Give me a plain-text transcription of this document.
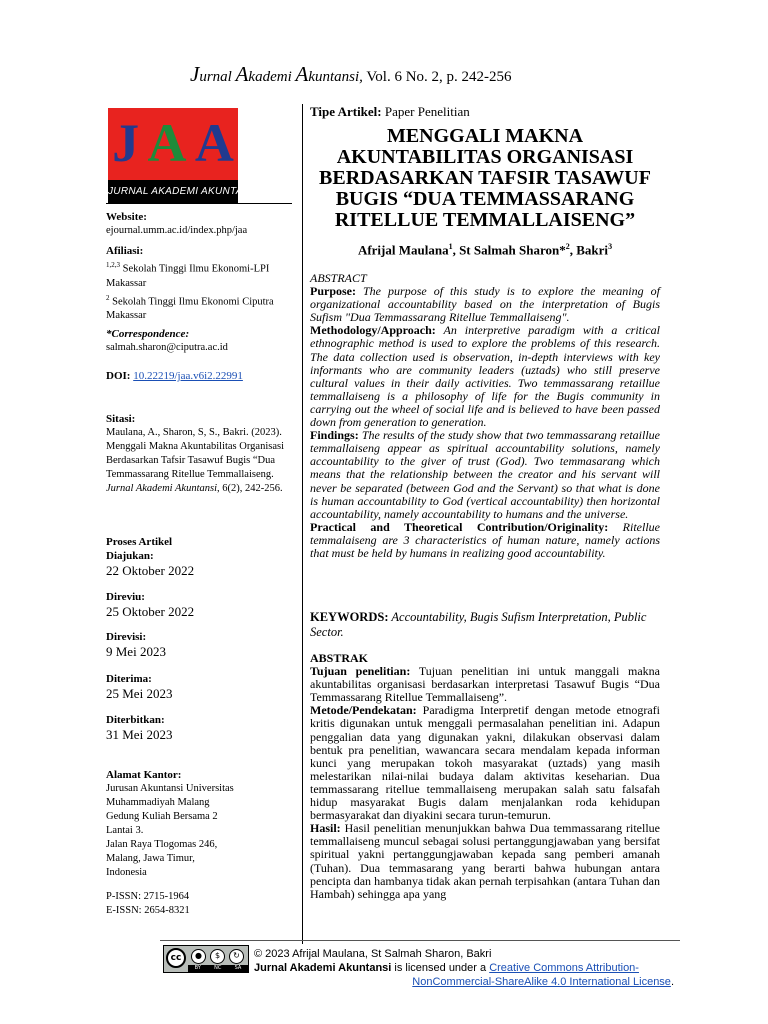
Jurnal Akademi Akuntansi, Vol. 6 No. 2, p. 242-256
J A A
JURNAL AKADEMI AKUNTANSI
Website:
ejournal.umm.ac.id/index.php/jaa
Afiliasi:
$^{1,2,3}$ Sekolah Tinggi Ilmu Ekonomi-LPI Makassar
$^2$ Sekolah Tinggi Ilmu Ekonomi Ciputra Makassar
*Correspondence:
salmah.sharon@ciputra.ac.id
DOI: 10.22219/jaa.v6i2.22991
Sitasi:
Maulana, A., Sharon, S, S., Bakri. (2023). Menggali Makna Akuntabilitas Organisasi Berdasarkan Tafsir Tasawuf Bugis “Dua Temmassarang Ritellue Temmallaiseng. Jurnal Akademi Akuntansi, 6(2), 242-256.
Proses Artikel
Diajukan:
22 Oktober 2022
Direviu:
25 Oktober 2022
Direvisi:
9 Mei 2023
Diterima:
25 Mei 2023
Diterbitkan:
31 Mei 2023
Alamat Kantor:
Jurusan Akuntansi Universitas
Muhammadiyah Malang
Gedung Kuliah Bersama 2
Lantai 3.
Jalan Raya Tlogomas 246,
Malang, Jawa Timur,
Indonesia
P-ISSN: 2715-1964
E-ISSN: 2654-8321
Tipe Artikel: Paper Penelitian
MENGGALI MAKNA
AKUNTABILITAS ORGANISASI
BERDASARKAN TAFSIR TASAWUF
BUGIS “DUA TEMMASSARANG
RITELLUE TEMMALLAISENG”
Afrijal Maulana$^1$, St Salmah Sharon*$^2$, Bakri$^3$

ABSTRACT

Purpose: The purpose of this study is to explore the meaning of organizational accountability based on the interpretation of Bugis Sufism "Dua Temmassarang Ritellue Temmallaiseng".

Methodology/Approach: An interpretive paradigm with a critical ethnographic method is used to explore the problems of this research. The data collection used is observation, in-depth interviews with key informants who are community leaders (uztads) who still preserve cultural values in their daily activities. Two temmassarang retaillue temmallaiseng is a philosophy of life for the Bugis community in carrying out the wheel of social life and is believed to have been passed down from generation to generation.

Findings: The results of the study show that two temmassarang retaillue temmallaiseng appear as spiritual accountability solutions, namely accountability to the giver of trust (God). Two temmasarang which means that the relationship between the creator and his servant will never be separated (between God and the Servant) so that what is done is human accountability to God (vertical accountability) then horizontal accountability, namely accountability to humans and the universe.

Practical and Theoretical Contribution/Originality: Ritellue temmalaiseng are 3 characteristics of human nature, namely actions that must be held by humans in realizing good accountability.

KEYWORDS: Accountability, Bugis Sufism Interpretation, Public Sector.

ABSTRAK

Tujuan penelitian: Tujuan penelitian ini untuk manggali makna akuntabilitas organisasi berdasarkan interpretasi Tasawuf Bugis “Dua Temmassarang Ritellue Temmallaiseng”.

Metode/Pendekatan: Paradigma Interpretif dengan metode etnografi kritis digunakan untuk menggali permasalahan penelitian ini. Adapun penggalian data yang digunakan yakni, dilakukan observasi dalam bentuk pra penelitian, wawancara secara mendalam kepada informan kunci yang merupakan tokoh masyarakat (uztads) yang masih melestarikan nilai-nilai budaya dalam aktivitas keseharian. Dua temmassarang ritellue temmallaiseng merupakan salah satu falsafah hidup masyarakat Bugis dalam menjalankan roda kehidupan bermasyarakat dan diyakini secara turun-temurun.

Hasil: Hasil penelitian menunjukkan bahwa Dua temmassarang ritellue temmallaiseng muncul sebagai solusi pertanggungjawaban yang bersifat spiritual yakni pertanggungjawaban kepada sang pemberi amanah (Tuhan). Dua temmasarang yang berarti bahwa hubungan antara pencipta dan hambanya tidak akan pernah terpisahkan (antara Tuhan dan Hambah) sehingga apa yang

cc	●	$	↻
BY	NC	SA
© 2023 Afrijal Maulana, St Salmah Sharon, Bakri
Jurnal Akademi Akuntansi is licensed under a Creative Commons Attribution-
NonCommercial-ShareAlike 4.0 International License.
